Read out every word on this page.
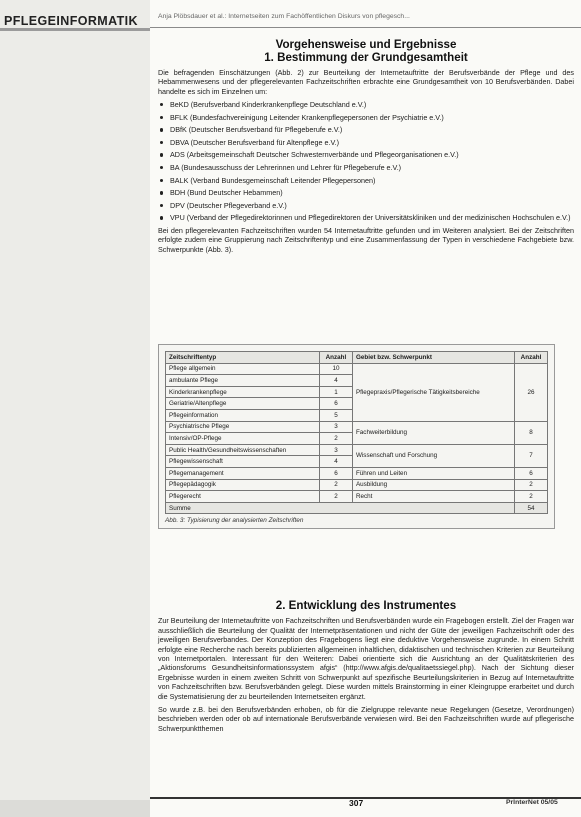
PFLEGEINFORMATIK	Anja Plöbsdauer et al.: Internetseiten zum Fachöffentlichen Diskurs von pflegesch...
Vorgehensweise und Ergebnisse
1. Bestimmung der Grundgesamtheit

Die befragenden Einschätzungen (Abb. 2) zur Beurteilung der Internetauftritte der Berufsverbände der Pflege und des Hebammenwesens und der pflegerelevanten Fachzeitschriften erbrachte eine Grundgesamtheit von 10 Berufsverbänden. Dabei handelte es sich im Einzelnen um:

BeKD (Berufsverband Kinderkrankenpflege Deutschland e.V.)
BFLK (Bundesfachvereinigung Leitender Krankenpflegepersonen der Psychiatrie e.V.)
DBfK (Deutscher Berufsverband für Pflegeberufe e.V.)
DBVA (Deutscher Berufsverband für Altenpflege e.V.)
ADS (Arbeitsgemeinschaft Deutscher Schwesternverbände und Pflegeorganisationen e.V.)
BA (Bundesausschuss der Lehrerinnen und Lehrer für Pflegeberufe e.V.)
BALK (Verband Bundesgemeinschaft Leitender Pflegepersonen)
BDH (Bund Deutscher Hebammen)
DPV (Deutscher Pflegeverband e.V.)
VPU (Verband der Pflegedirektorinnen und Pflegedirektoren der Universitätskliniken und der medizinischen Hochschulen e.V.)

Bei den pflegerelevanten Fachzeitschriften wurden 54 Internetauftritte gefunden und im Weiteren analysiert. Bei der Zeitschriften erfolgte zudem eine Gruppierung nach Zeitschriftentyp und eine Zusammenfassung der Typen in verschiedene Fachgebiete bzw. Schwerpunkte (Abb. 3).

Zeitschriftentyp	Anzahl	Gebiet bzw. Schwerpunkt	Anzahl
Pflege allgemein	10	Pflegepraxis/Pflegerische Tätigkeitsbereiche	26
ambulante Pflege	4		
Kinderkrankenpflege	1		
Geriatrie/Altenpflege	6		
Pflegeinformation	5		
Psychiatrische Pflege	3	Fachweiterbildung	8
Intensiv/OP-Pflege	2		
Public Health/Gesundheitswissenschaften	3	Wissenschaft und Forschung	7
Pflegewissenschaft	4		
Pflegemanagement	6	Führen und Leiten	6
Pflegepädagogik	2	Ausbildung	2
Pflegerecht	2	Recht	2
Summe			54
Abb. 3: Typisierung der analysierten Zeitschriften
2. Entwicklung des Instrumentes

Zur Beurteilung der Internetauftritte von Fachzeitschriften und Berufsverbänden wurde ein Fragebogen erstellt. Ziel der Fragen war ausschließlich die Beurteilung der Qualität der Internetpräsentationen und nicht der Güte der jeweiligen Fachzeitschrift oder des jeweiligen Berufsverbandes. Der Konzeption des Fragebogens liegt eine deduktive Vorgehensweise zugrunde. In einem Schritt erfolgte eine Recherche nach bereits publizierten allgemeinen inhaltlichen, didaktischen und technischen Kriterien zur Beurteilung von Internetportalen. Interessant für den Weiteren: Dabei orientierte sich die Ausrichtung an der Qualitätskriterien des „Aktionsforums Gesundheitsinformationssystem afgis“ (http://www.afgis.de/qualitaetssiegel.php). Nach der Sichtung dieser Ergebnisse wurden in einem zweiten Schritt von Schwerpunkt auf spezifische Beurteilungskriterien in Bezug auf Internetauftritte von Fachzeitschriften bzw. Berufsverbänden gelegt. Diese wurden mittels Brainstorming in einer Kleingruppe erarbeitet und durch die Systematisierung der zu beurteilenden Internetseiten ergänzt.

So wurde z.B. bei den Berufsverbänden erhoben, ob für die Zielgruppe relevante neue Regelungen (Gesetze, Verordnungen) beschrieben werden oder ob auf internationale Berufsverbände verwiesen wird. Bei den Fachzeitschriften wurde auf pflegerische Schwerpunktthemen

307	PrInterNet 05/05
